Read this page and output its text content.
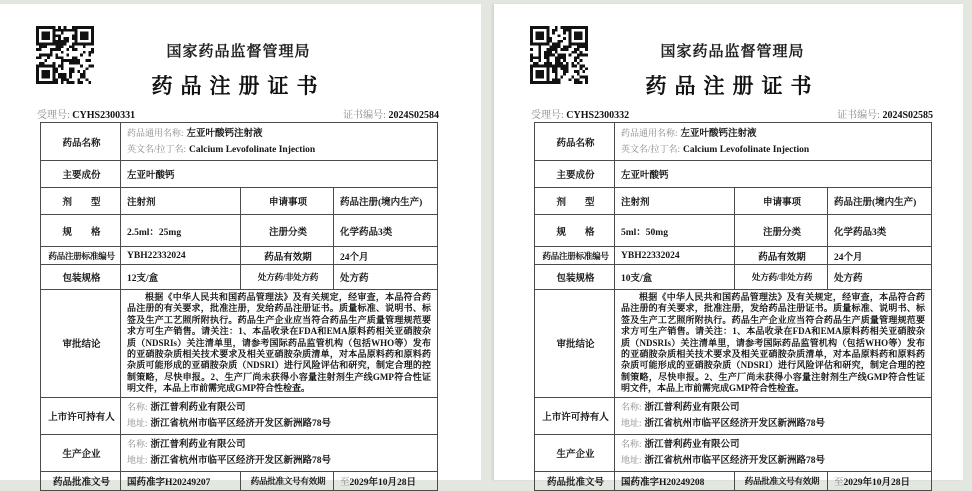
国家药品监督管理局
药品注册证书
受理号: CYHS2300331	证书编号: 2024S02584
药品名称	药品通用名称: 左亚叶酸钙注射液
英文名/拉丁名: Calcium Levofolinate Injection		

主要成份	左亚叶酸钙		
剂　　型	注射剂	申请事项	药品注册(境内生产)
规　　格	2.5ml：25mg	注册分类	化学药品3类
药品注册标准编号	YBH22332024	药品有效期	24个月
包装规格	12支/盒	处方药/非处方药	处方药
审批结论	根据《中华人民共和国药品管理法》及有关规定，经审查，本品符合药品注册的有关要求，批准注册，发给药品注册证书。质量标准、说明书、标签及生产工艺照所附执行。药品生产企业应当符合药品生产质量管理规范要求方可生产销售。请关注：1、本品收录在FDA和EMA原料药相关亚硝胺杂质（NDSRIs）关注清单里，请参考国际药品监管机构（包括WHO等）发布的亚硝胺杂质相关技术要求及相关亚硝胺杂质清单，对本品原料药和原料药杂质可能形成的亚硝胺杂质（NDSRI）进行风险评估和研究，制定合理的控制策略，尽快申报。2、生产厂尚未获得小容量注射剂生产线GMP符合性证明文件，本品上市前需完成GMP符合性检查。		

上市许可持有人	名称: 浙江普利药业有限公司
地址: 浙江省杭州市临平区经济开发区新洲路78号		

生产企业	名称: 浙江普利药业有限公司
地址: 浙江省杭州市临平区经济开发区新洲路78号		

药品批准文号	国药准字H20249207	药品批准文号有效期	至2029年10月28日
国家药品监督管理局
药品注册证书
受理号: CYHS2300332	证书编号: 2024S02585
药品名称	药品通用名称: 左亚叶酸钙注射液
英文名/拉丁名: Calcium Levofolinate Injection		

主要成份	左亚叶酸钙		
剂　　型	注射剂	申请事项	药品注册(境内生产)
规　　格	5ml：50mg	注册分类	化学药品3类
药品注册标准编号	YBH22332024	药品有效期	24个月
包装规格	10支/盒	处方药/非处方药	处方药
审批结论	根据《中华人民共和国药品管理法》及有关规定，经审查，本品符合药品注册的有关要求，批准注册，发给药品注册证书。质量标准、说明书、标签及生产工艺照所附执行。药品生产企业应当符合药品生产质量管理规范要求方可生产销售。请关注：1、本品收录在FDA和EMA原料药相关亚硝胺杂质（NDSRIs）关注清单里，请参考国际药品监管机构（包括WHO等）发布的亚硝胺杂质相关技术要求及相关亚硝胺杂质清单，对本品原料药和原料药杂质可能形成的亚硝胺杂质（NDSRI）进行风险评估和研究，制定合理的控制策略，尽快申报。2、生产厂尚未获得小容量注射剂生产线GMP符合性证明文件，本品上市前需完成GMP符合性检查。		

上市许可持有人	名称: 浙江普利药业有限公司
地址: 浙江省杭州市临平区经济开发区新洲路78号		

生产企业	名称: 浙江普利药业有限公司
地址: 浙江省杭州市临平区经济开发区新洲路78号		

药品批准文号	国药准字H20249208	药品批准文号有效期	至2029年10月28日
